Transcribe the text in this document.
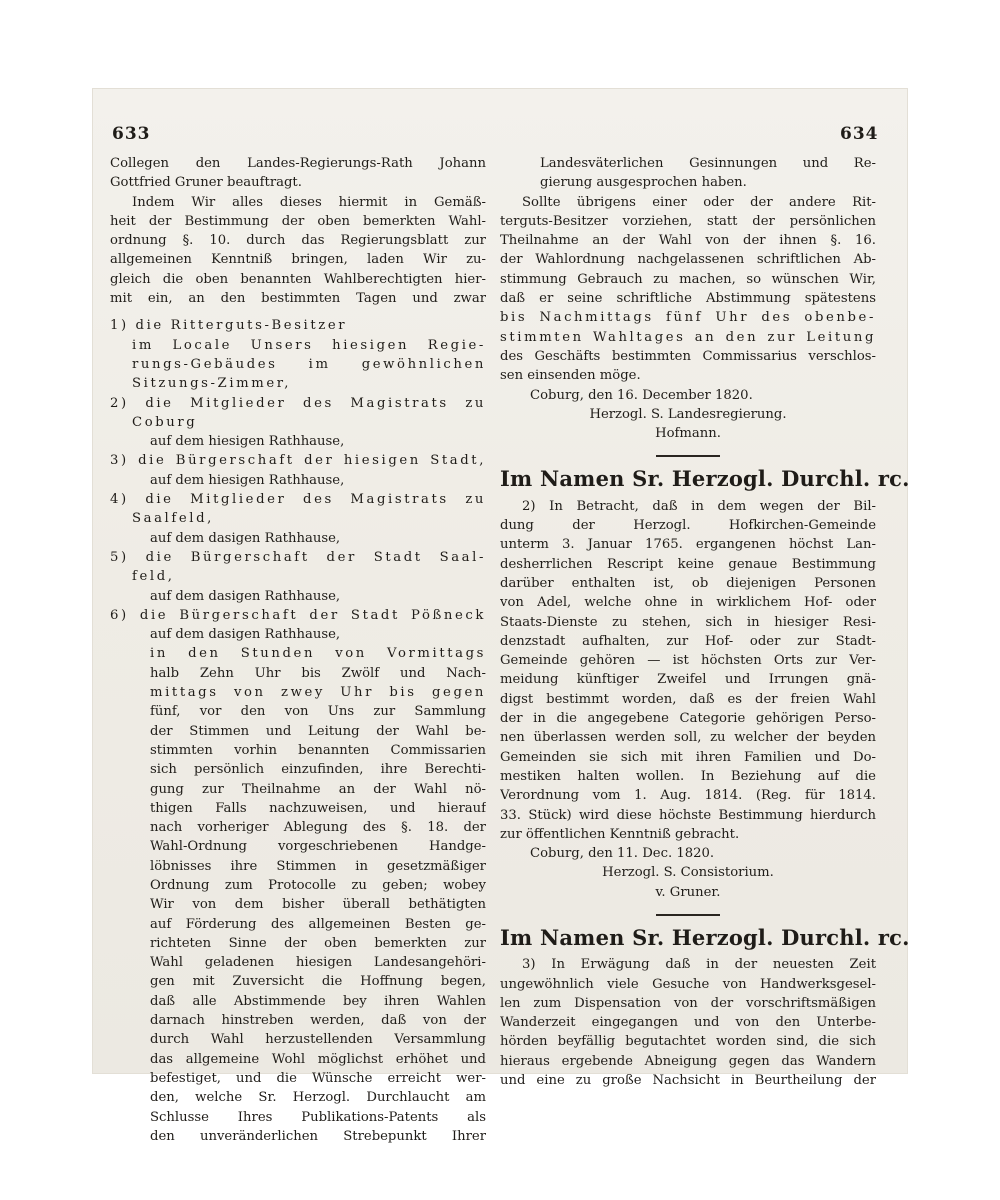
633	634
Collegen den Landes-Regierungs-Rath Johann
Gottfried Gruner beauftragt.
Indem Wir alles dieses hiermit in Gemäß-
heit der Bestimmung der oben bemerkten Wahl-
ordnung §. 10. durch das Regierungsblatt zur
allgemeinen Kenntniß bringen, laden Wir zu-
gleich die oben benannten Wahlberechtigten hier-
mit ein, an den bestimmten Tagen und zwar
1) die Ritterguts-Besitzer
im Locale Unsers hiesigen Regie-
rungs-Gebäudes im gewöhnlichen
Sitzungs-Zimmer,
2) die Mitglieder des Magistrats zu
Coburg
auf dem hiesigen Rathhause,
3) die Bürgerschaft der hiesigen Stadt,
auf dem hiesigen Rathhause,
4) die Mitglieder des Magistrats zu
Saalfeld,
auf dem dasigen Rathhause,
5) die Bürgerschaft der Stadt Saal-
feld,
auf dem dasigen Rathhause,
6) die Bürgerschaft der Stadt Pößneck
auf dem dasigen Rathhause,
in den Stunden von Vormittags
halb Zehn Uhr bis Zwölf und Nach-
mittags von zwey Uhr bis gegen
fünf, vor den von Uns zur Sammlung
der Stimmen und Leitung der Wahl be-
stimmten vorhin benannten Commissarien
sich persönlich einzufinden, ihre Berechti-
gung zur Theilnahme an der Wahl nö-
thigen Falls nachzuweisen, und hierauf
nach vorheriger Ablegung des §. 18. der
Wahl-Ordnung vorgeschriebenen Handge-
löbnisses ihre Stimmen in gesetzmäßiger
Ordnung zum Protocolle zu geben; wobey
Wir von dem bisher überall bethätigten
auf Förderung des allgemeinen Besten ge-
richteten Sinne der oben bemerkten zur
Wahl geladenen hiesigen Landesangehöri-
gen mit Zuversicht die Hoffnung begen,
daß alle Abstimmende bey ihren Wahlen
darnach hinstreben werden, daß von der
durch Wahl herzustellenden Versammlung
das allgemeine Wohl möglichst erhöhet und
befestiget, und die Wünsche erreicht wer-
den, welche Sr. Herzogl. Durchlaucht am
Schlusse Ihres Publikations-Patents als
den unveränderlichen Strebepunkt Ihrer
Landesväterlichen Gesinnungen und Re-
gierung ausgesprochen haben.
Sollte übrigens einer oder der andere Rit-
terguts-Besitzer vorziehen, statt der persönlichen
Theilnahme an der Wahl von der ihnen §. 16.
der Wahlordnung nachgelassenen schriftlichen Ab-
stimmung Gebrauch zu machen, so wünschen Wir,
daß er seine schriftliche Abstimmung spätestens
bis Nachmittags fünf Uhr des obenbe-
stimmten Wahltages an den zur Leitung
des Geschäfts bestimmten Commissarius verschlos-
sen einsenden möge.
Coburg, den 16. December 1820.
Herzogl. S. Landesregierung.
Hofmann.
Im Namen Sr. Herzogl. Durchl. rc.
2) In Betracht, daß in dem wegen der Bil-
dung der Herzogl. Hofkirchen-Gemeinde
unterm 3. Januar 1765. ergangenen höchst Lan-
desherrlichen Rescript keine genaue Bestimmung
darüber enthalten ist, ob diejenigen Personen
von Adel, welche ohne in wirklichem Hof- oder
Staats-Dienste zu stehen, sich in hiesiger Resi-
denzstadt aufhalten, zur Hof- oder zur Stadt-
Gemeinde gehören — ist höchsten Orts zur Ver-
meidung künftiger Zweifel und Irrungen gnä-
digst bestimmt worden, daß es der freien Wahl
der in die angegebene Categorie gehörigen Perso-
nen überlassen werden soll, zu welcher der beyden
Gemeinden sie sich mit ihren Familien und Do-
mestiken halten wollen. In Beziehung auf die
Verordnung vom 1. Aug. 1814. (Reg. für 1814.
33. Stück) wird diese höchste Bestimmung hierdurch
zur öffentlichen Kenntniß gebracht.
Coburg, den 11. Dec. 1820.
Herzogl. S. Consistorium.
v. Gruner.
Im Namen Sr. Herzogl. Durchl. rc.
3) In Erwägung daß in der neuesten Zeit
ungewöhnlich viele Gesuche von Handwerksgesel-
len zum Dispensation von der vorschriftsmäßigen
Wanderzeit eingegangen und von den Unterbe-
hörden beyfällig begutachtet worden sind, die sich
hieraus ergebende Abneigung gegen das Wandern
und eine zu große Nachsicht in Beurtheilung der
